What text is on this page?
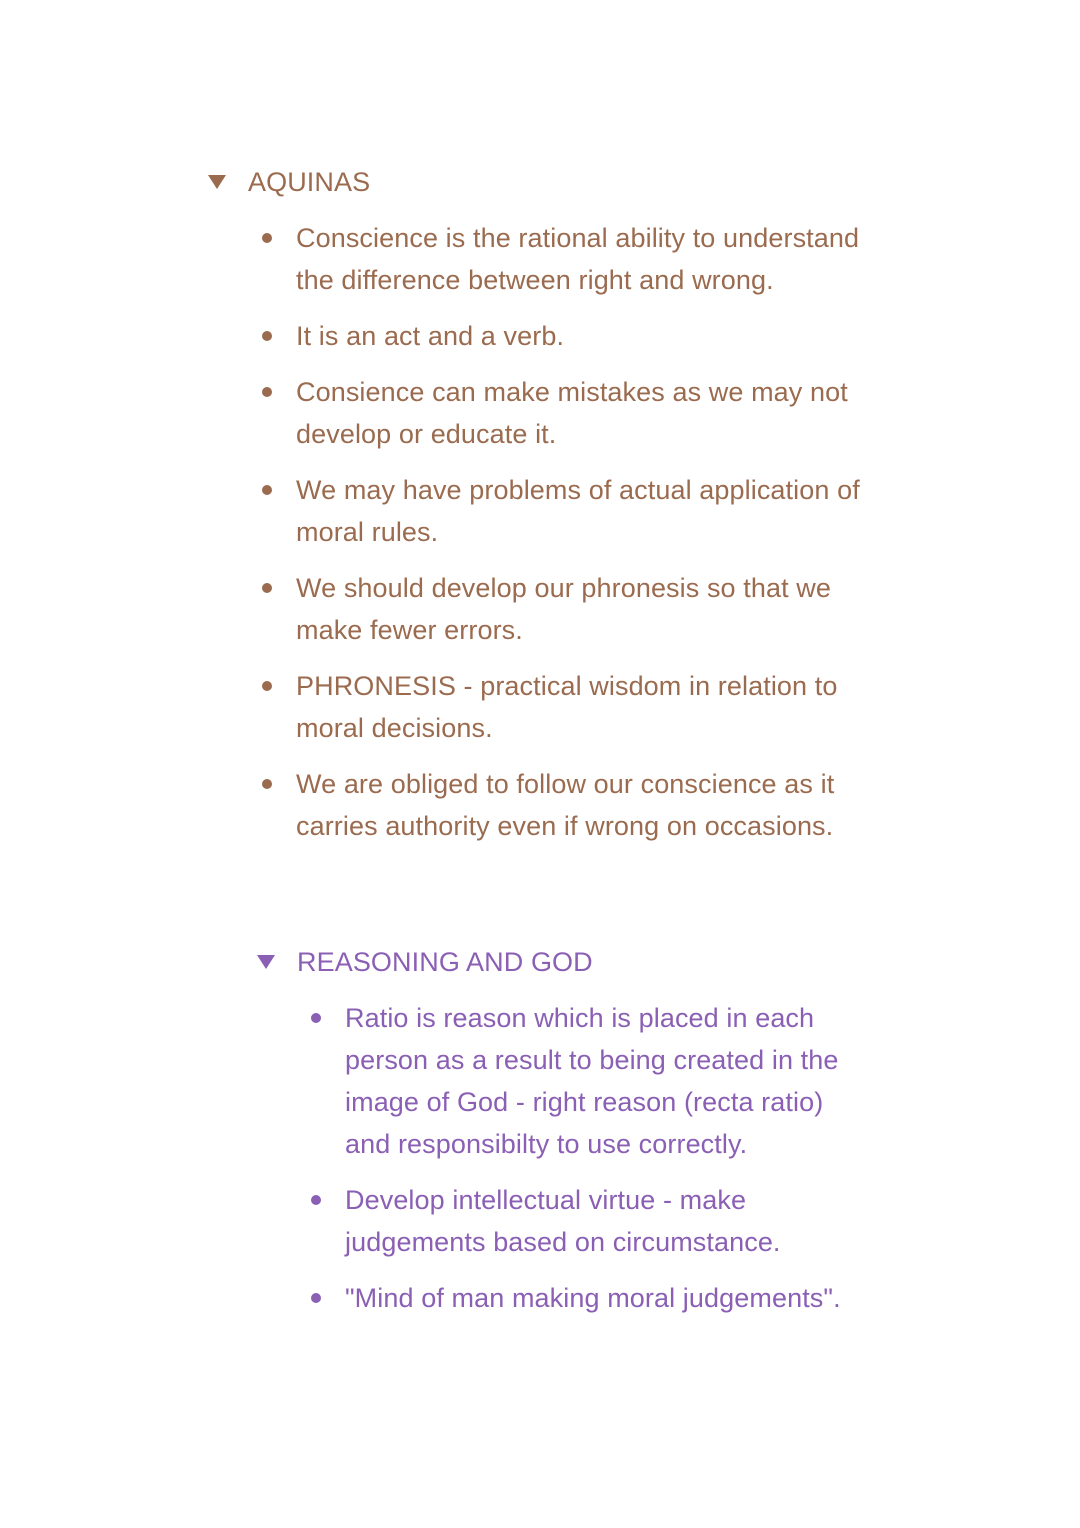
AQUINAS
Conscience is the rational ability to understand the difference between right and wrong.
It is an act and a verb.
Consience can make mistakes as we may not develop or educate it.
We may have problems of actual application of moral rules.
We should develop our phronesis so that we make fewer errors.
PHRONESIS - practical wisdom in relation to moral decisions.
We are obliged to follow our conscience as it carries authority even if wrong on occasions.
REASONING AND GOD
Ratio is reason which is placed in each person as a result to being created in the image of God - right reason (recta ratio) and responsibilty to use correctly.
Develop intellectual virtue - make judgements based on circumstance.
"Mind of man making moral judgements".
